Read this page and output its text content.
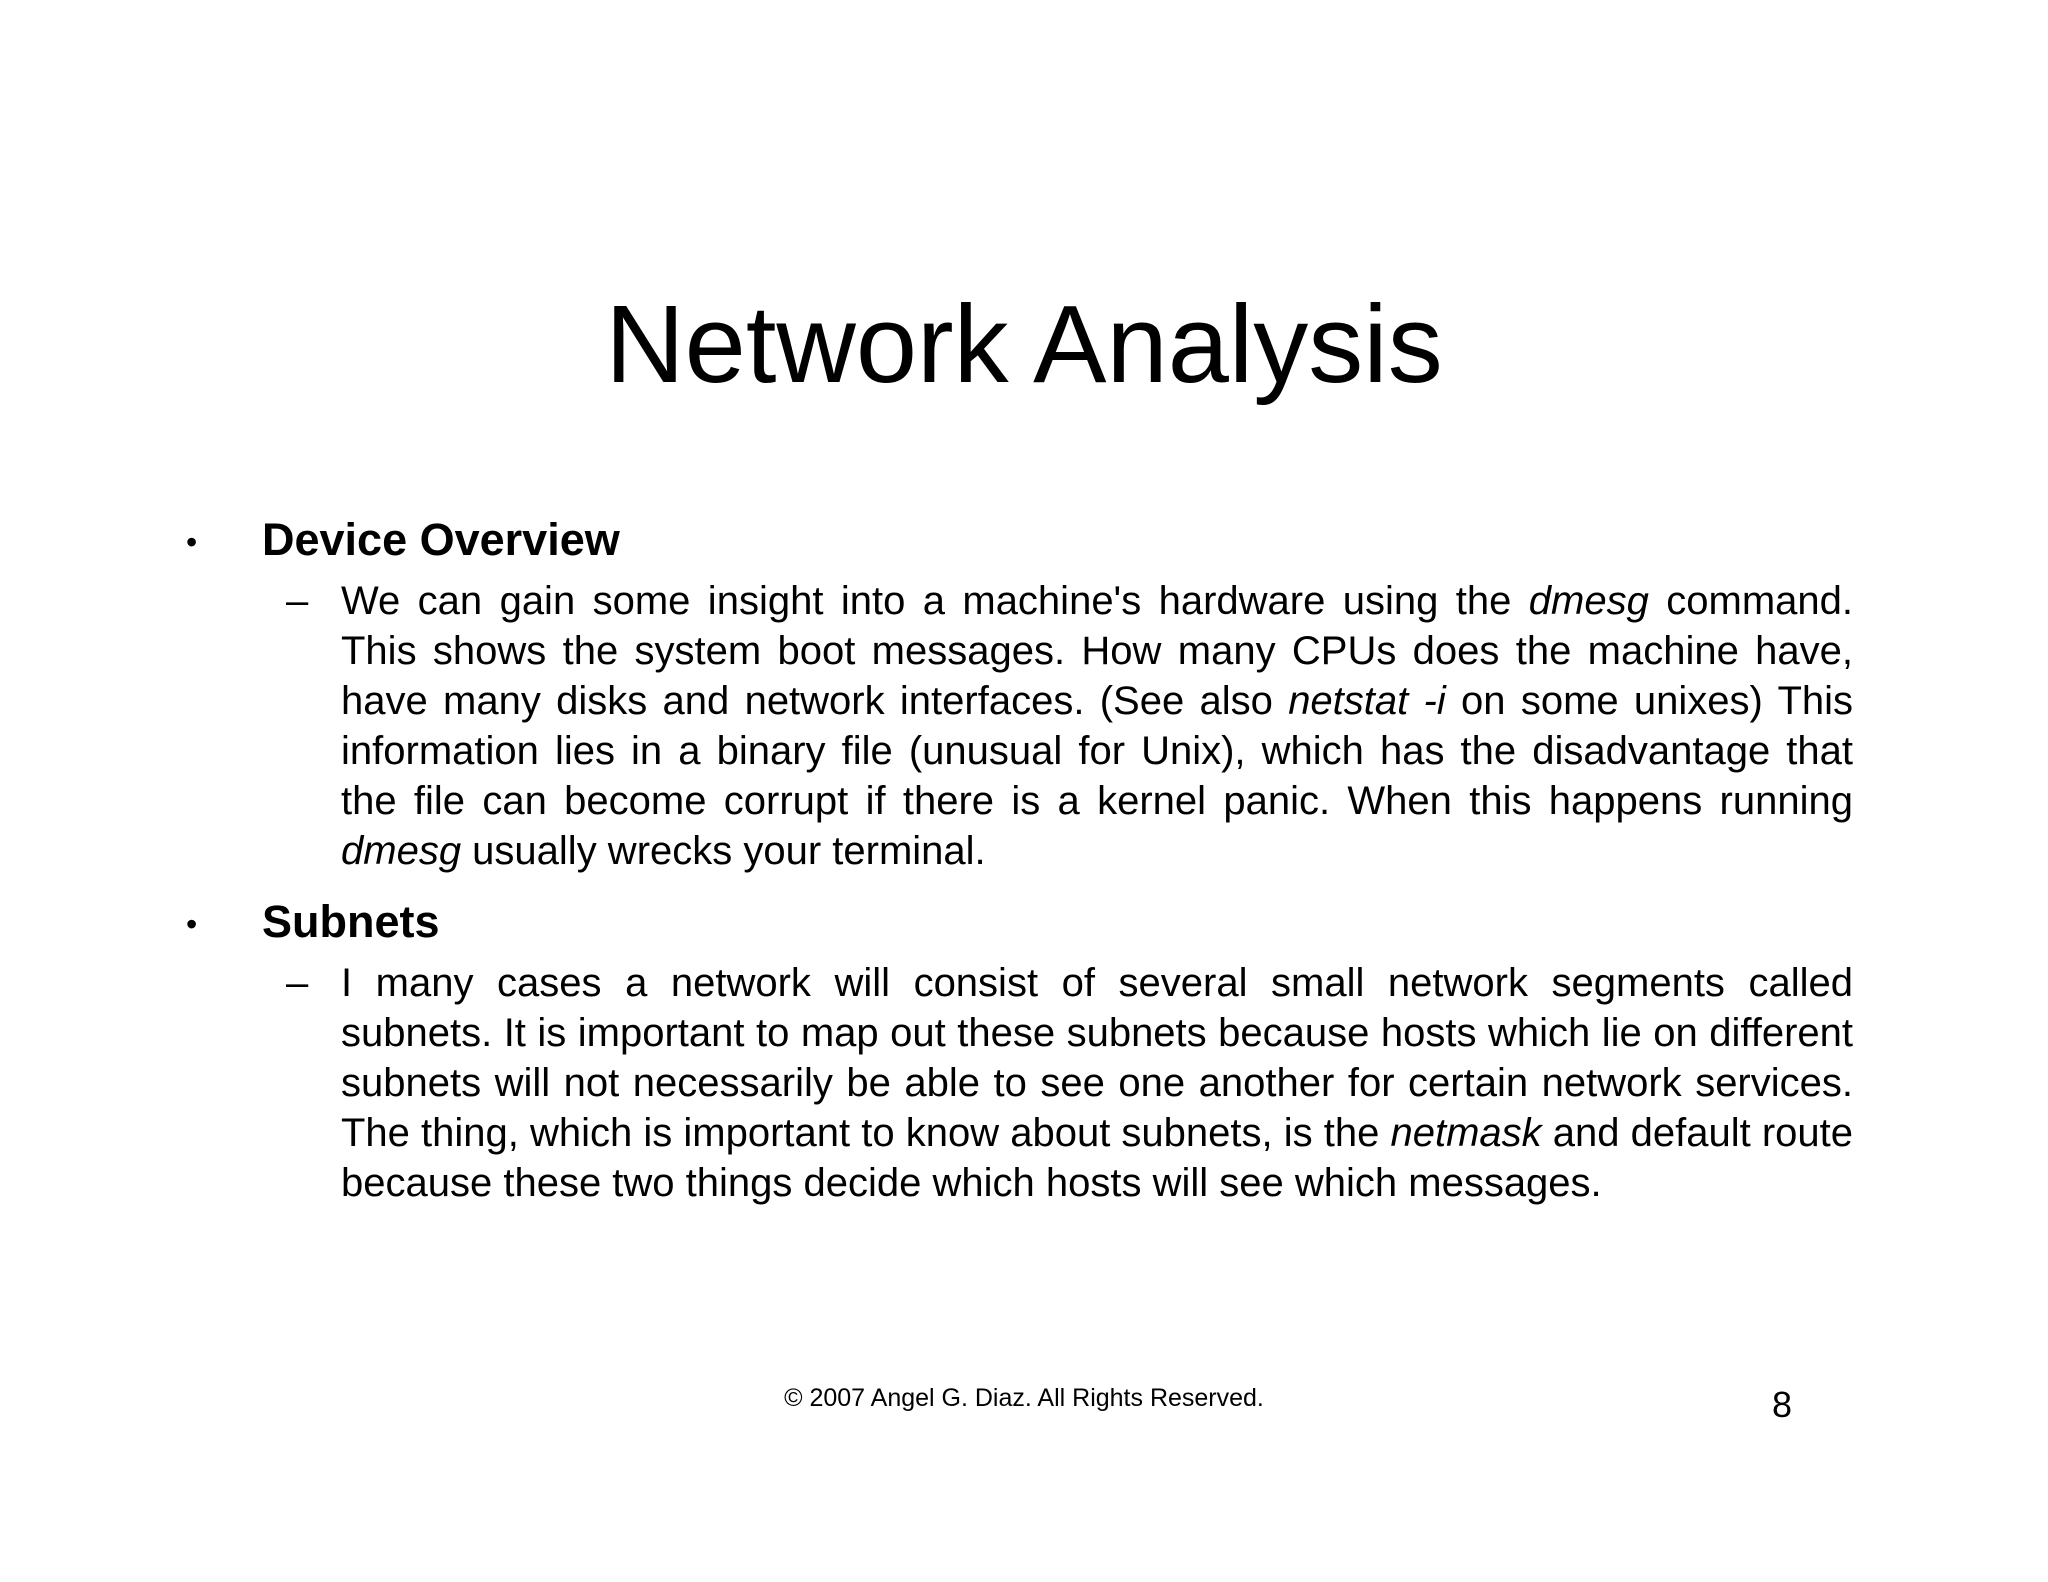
Network Analysis
• Device Overview
– We can gain some insight into a machine's hardware using the dmesg command. This shows the system boot messages. How many CPUs does the machine have, have many disks and network interfaces. (See also netstat -i on some unixes) This information lies in a binary file (unusual for Unix), which has the disadvantage that the file can become corrupt if there is a kernel panic. When this happens running dmesg usually wrecks your terminal.

• Subnets
– I many cases a network will consist of several small network segments called subnets. It is important to map out these subnets because hosts which lie on different subnets will not necessarily be able to see one another for certain network services. The thing, which is important to know about subnets, is the netmask and default route because these two things decide which hosts will see which messages.

© 2007 Angel G. Diaz. All Rights Reserved.	8
